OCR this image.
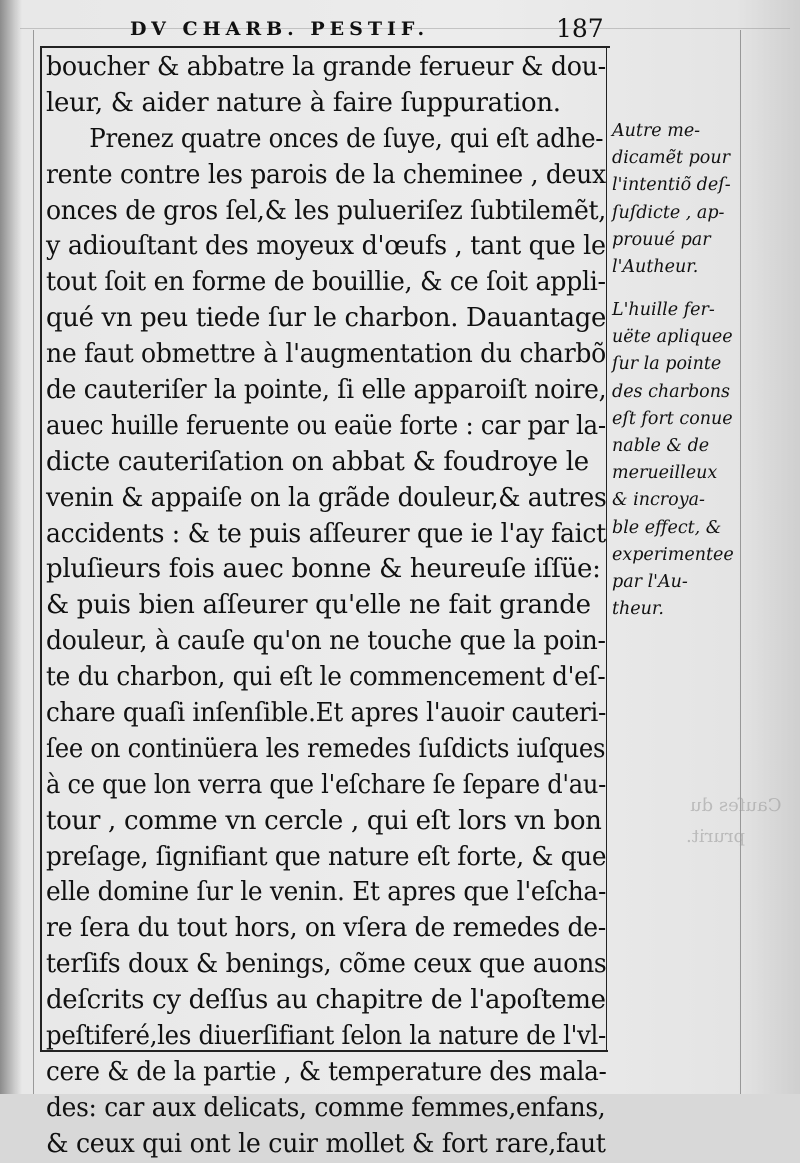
DV CHARB. PESTIF.	187
boucher & abbatre la grande ferueur & dou-
leur, & aider nature à faire ſuppuration.
Prenez quatre onces de ſuye, qui eſt adhe-
rente contre les parois de la cheminee , deux
onces de gros ſel,& les pulueriſez ſubtilemẽt,
y adiouſtant des moyeux d'œufs , tant que le
tout ſoit en forme de bouillie, & ce ſoit appli-
qué vn peu tiede ſur le charbon. Dauantage
ne faut obmettre à l'augmentation du charbõ
de cauteriſer la pointe, ſi elle apparoiſt noire,
auec huille feruente ou eaüe forte : car par la-
dicte cauteriſation on abbat & foudroye le
venin & appaiſe on la grãde douleur,& autres
accidents : & te puis aſſeurer que ie l'ay faict
pluſieurs fois auec bonne & heureuſe iſſüe:
& puis bien aſſeurer qu'elle ne fait grande
douleur, à cauſe qu'on ne touche que la poin-
te du charbon, qui eſt le commencement d'eſ-
chare quaſi inſenſible.Et apres l'auoir cauteri-
ſee on continüera les remedes ſuſdicts iuſques
à ce que lon verra que l'eſchare ſe ſepare d'au-
tour , comme vn cercle , qui eſt lors vn bon
preſage, ſignifiant que nature eſt forte, & que
elle domine ſur le venin. Et apres que l'eſcha-
re ſera du tout hors, on vſera de remedes de-
terſifs doux & benings, cõme ceux que auons
deſcrits cy deſſus au chapitre de l'apoſteme
peſtiferé,les diuerſifiant ſelon la nature de l'vl-
cere & de la partie , & temperature des mala-
des: car aux delicats, comme femmes,enfans,
& ceux qui ont le cuir mollet & fort rare,faut
Autre me-
dicamẽt pour
l'intentiõ deſ-
ſuſdicte , ap-
prouué par
l'Autheur.
L'huille fer-
uëte apliquee
ſur la pointe
des charbons
eſt fort conue
nable & de
merueilleux
& incroya-
ble effect, &
experimentee
par l'Au-
theur.
Cauſes du
prurit.
